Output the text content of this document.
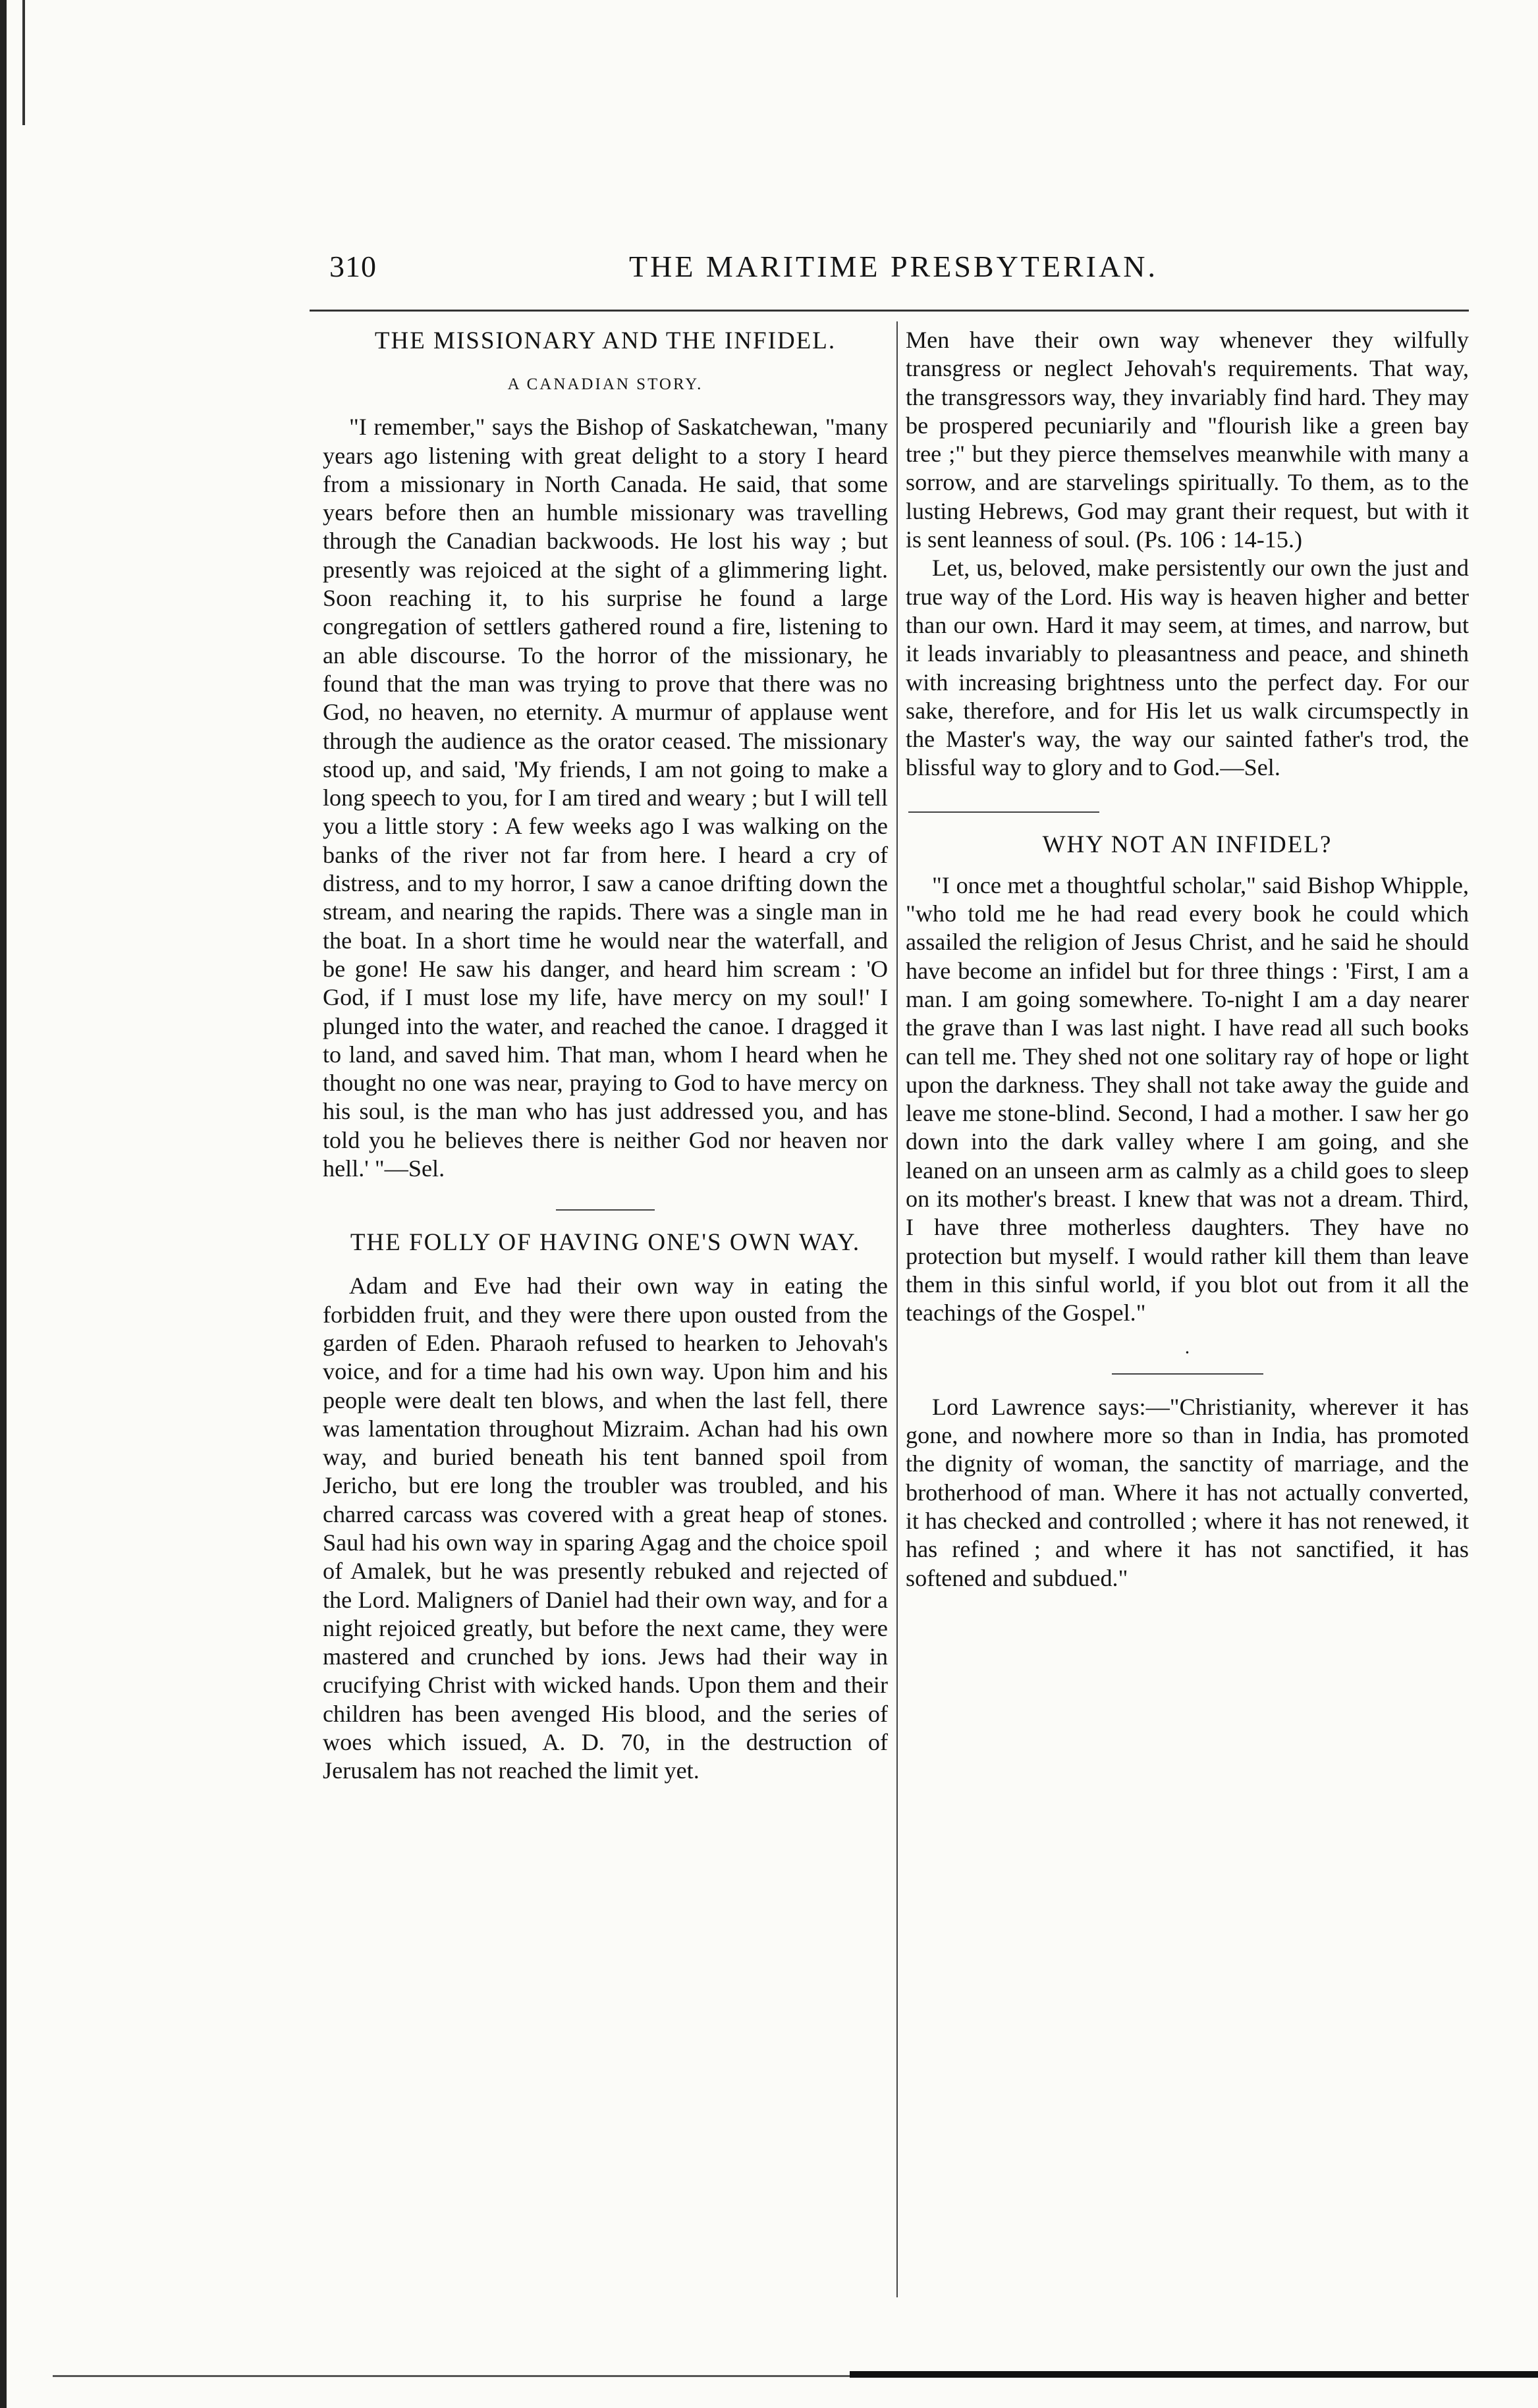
310	THE MARITIME PRESBYTERIAN.
THE MISSIONARY AND THE INFIDEL.
A CANADIAN STORY.

"I remember," says the Bishop of Saskatchewan, "many years ago listening with great delight to a story I heard from a missionary in North Canada. He said, that some years before then an humble missionary was travelling through the Canadian backwoods. He lost his way ; but presently was rejoiced at the sight of a glimmering light. Soon reaching it, to his surprise he found a large congregation of settlers gathered round a fire, listening to an able discourse. To the horror of the missionary, he found that the man was trying to prove that there was no God, no heaven, no eternity. A murmur of applause went through the audience as the orator ceased. The missionary stood up, and said, 'My friends, I am not going to make a long speech to you, for I am tired and weary ; but I will tell you a little story : A few weeks ago I was walking on the banks of the river not far from here. I heard a cry of distress, and to my horror, I saw a canoe drifting down the stream, and nearing the rapids. There was a single man in the boat. In a short time he would near the waterfall, and be gone! He saw his danger, and heard him scream : 'O God, if I must lose my life, have mercy on my soul!' I plunged into the water, and reached the canoe. I dragged it to land, and saved him. That man, whom I heard when he thought no one was near, praying to God to have mercy on his soul, is the man who has just addressed you, and has told you he believes there is neither God nor heaven nor hell.' "—Sel.

THE FOLLY OF HAVING ONE'S OWN WAY.

Adam and Eve had their own way in eating the forbidden fruit, and they were there upon ousted from the garden of Eden. Pharaoh refused to hearken to Jehovah's voice, and for a time had his own way. Upon him and his people were dealt ten blows, and when the last fell, there was lamentation throughout Mizraim. Achan had his own way, and buried beneath his tent banned spoil from Jericho, but ere long the troubler was troubled, and his charred carcass was covered with a great heap of stones. Saul had his own way in sparing Agag and the choice spoil of Amalek, but he was presently rebuked and rejected of the Lord. Maligners of Daniel had their own way, and for a night rejoiced greatly, but before the next came, they were mastered and crunched by ions. Jews had their way in crucifying Christ with wicked hands. Upon them and their children has been avenged His blood, and the series of woes which issued, A. D. 70, in the destruction of Jerusalem has not reached the limit yet.

Men have their own way whenever they wilfully transgress or neglect Jehovah's requirements. That way, the transgressors way, they invariably find hard. They may be prospered pecuniarily and "flourish like a green bay tree ;" but they pierce themselves meanwhile with many a sorrow, and are starvelings spiritually. To them, as to the lusting Hebrews, God may grant their request, but with it is sent leanness of soul. (Ps. 106 : 14-15.)

Let, us, beloved, make persistently our own the just and true way of the Lord. His way is heaven higher and better than our own. Hard it may seem, at times, and narrow, but it leads invariably to pleasantness and peace, and shineth with increasing brightness unto the perfect day. For our sake, therefore, and for His let us walk circumspectly in the Master's way, the way our sainted father's trod, the blissful way to glory and to God.—Sel.

WHY NOT AN INFIDEL?

"I once met a thoughtful scholar," said Bishop Whipple, "who told me he had read every book he could which assailed the religion of Jesus Christ, and he said he should have become an infidel but for three things : 'First, I am a man. I am going somewhere. To-night I am a day nearer the grave than I was last night. I have read all such books can tell me. They shed not one solitary ray of hope or light upon the darkness. They shall not take away the guide and leave me stone-blind. Second, I had a mother. I saw her go down into the dark valley where I am going, and she leaned on an unseen arm as calmly as a child goes to sleep on its mother's breast. I knew that was not a dream. Third, I have three motherless daughters. They have no protection but myself. I would rather kill them than leave them in this sinful world, if you blot out from it all the teachings of the Gospel."

·

Lord Lawrence says:—"Christianity, wherever it has gone, and nowhere more so than in India, has promoted the dignity of woman, the sanctity of marriage, and the brotherhood of man. Where it has not actually converted, it has checked and controlled ; where it has not renewed, it has refined ; and where it has not sanctified, it has softened and subdued."
